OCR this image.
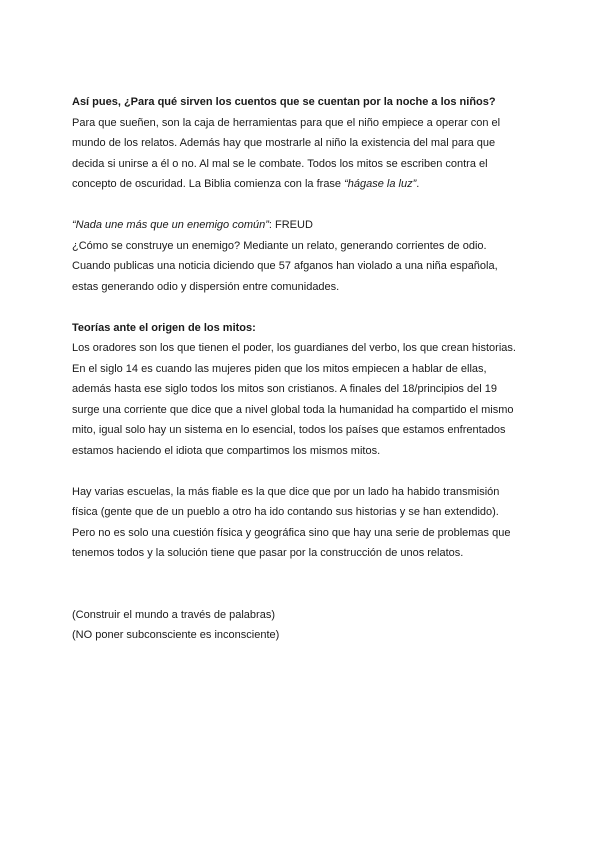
Así pues, ¿Para qué sirven los cuentos que se cuentan por la noche a los niños?

Para que sueñen, son la caja de herramientas para que el niño empiece a operar con el

mundo de los relatos. Además hay que mostrarle al niño la existencia del mal para que

decida si unirse a él o no. Al mal se le combate. Todos los mitos se escriben contra el

concepto de oscuridad. La Biblia comienza con la frase “hágase la luz”.

“Nada une más que un enemigo común”: FREUD

¿Cómo se construye un enemigo? Mediante un relato, generando corrientes de odio.

Cuando publicas una noticia diciendo que 57 afganos han violado a una niña española,

estas generando odio y dispersión entre comunidades.

Teorías ante el origen de los mitos:

Los oradores son los que tienen el poder, los guardianes del verbo, los que crean historias.

En el siglo 14 es cuando las mujeres piden que los mitos empiecen a hablar de ellas,

además hasta ese siglo todos los mitos son cristianos. A finales del 18/principios del 19

surge una corriente que dice que a nivel global toda la humanidad ha compartido el mismo

mito, igual solo hay un sistema en lo esencial, todos los países que estamos enfrentados

estamos haciendo el idiota que compartimos los mismos mitos.

Hay varias escuelas, la más fiable es la que dice que por un lado ha habido transmisión

física (gente que de un pueblo a otro ha ido contando sus historias y se han extendido).

Pero no es solo una cuestión física y geográfica sino que hay una serie de problemas que

tenemos todos y la solución tiene que pasar por la construcción de unos relatos.

(Construir el mundo a través de palabras)

(NO poner subconsciente es inconsciente)
